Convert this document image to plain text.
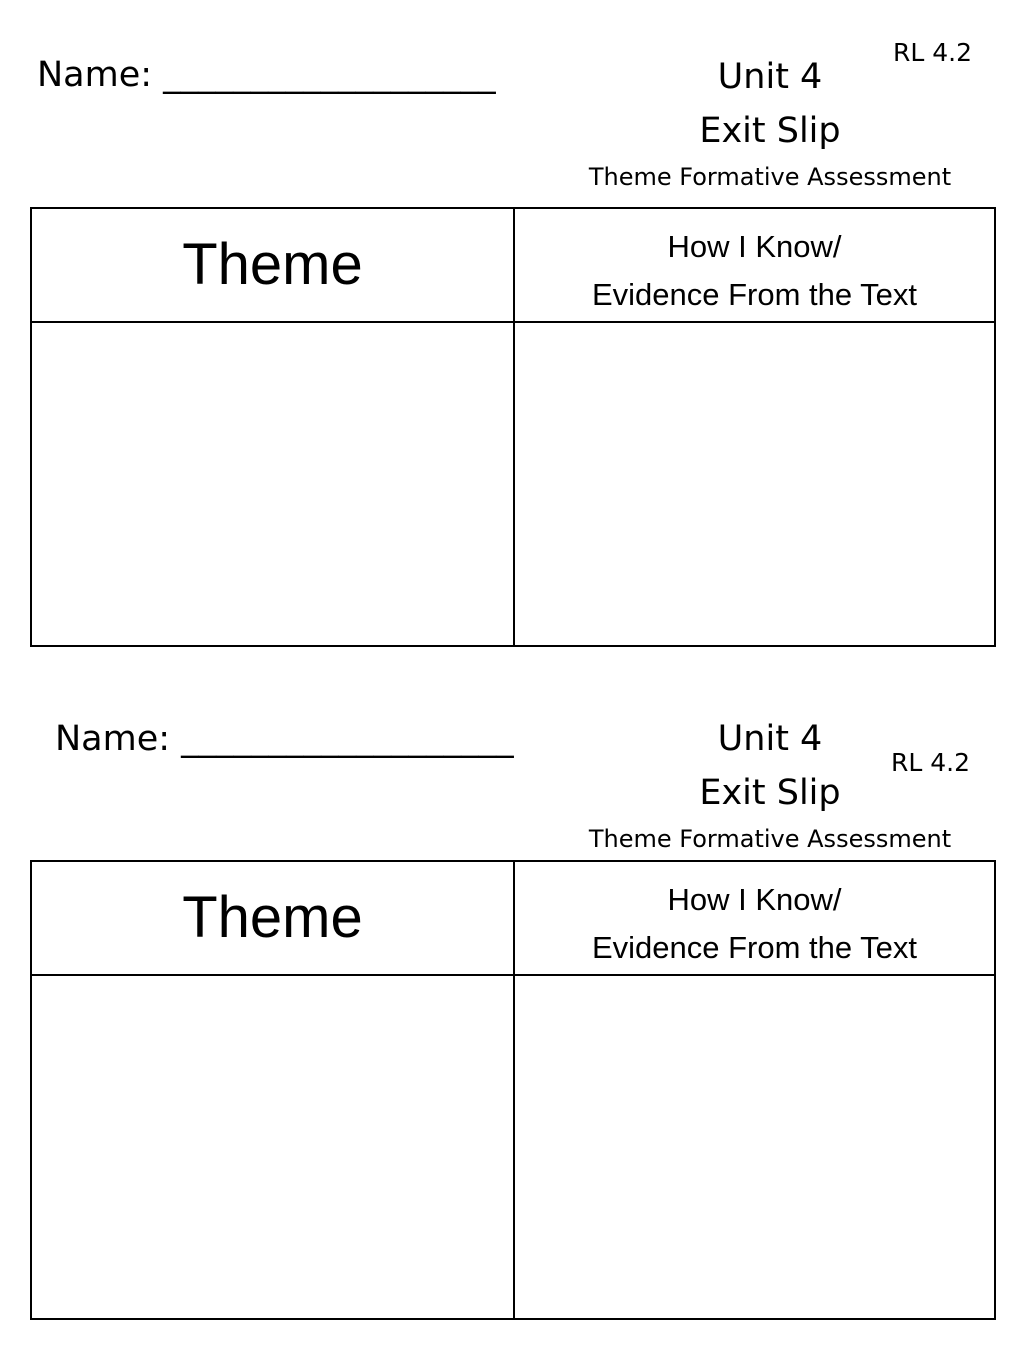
Name: ___________________
RL 4.2
Unit 4
Exit Slip
Theme Formative Assessment
Theme	How I Know/
Evidence From the Text
Name: ___________________
RL 4.2
Unit 4
Exit Slip
Theme Formative Assessment
Theme	How I Know/
Evidence From the Text
